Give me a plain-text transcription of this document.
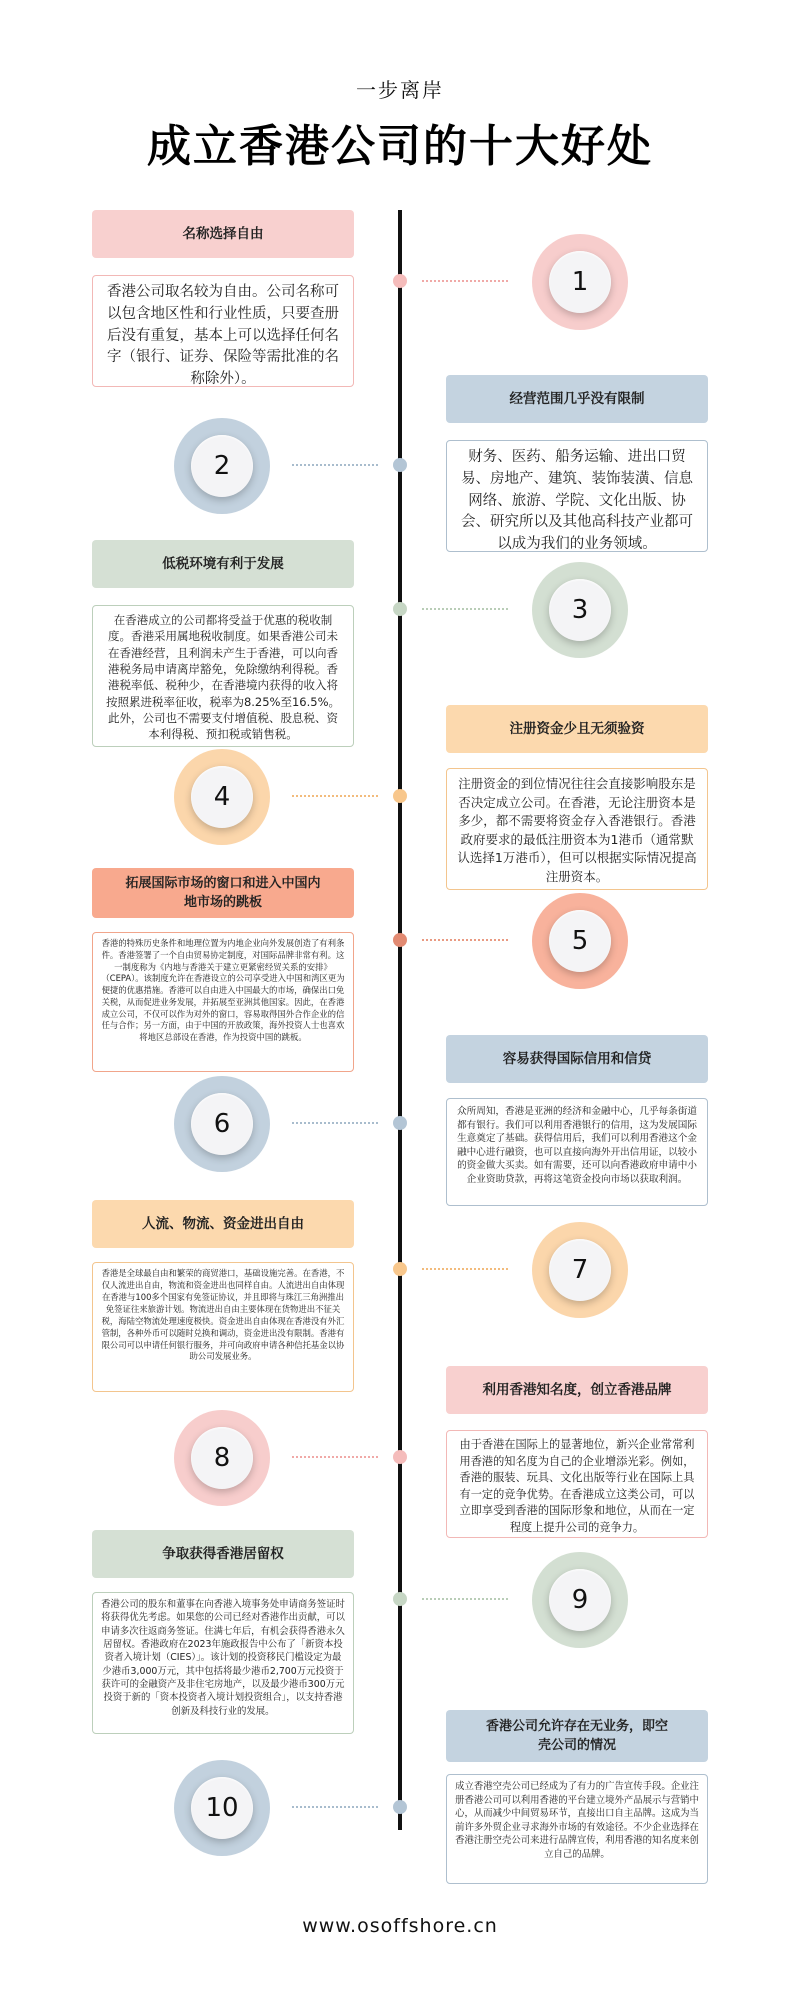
一步离岸
成立香港公司的十大好处
名称选择自由
香港公司取名较为自由。公司名称可以包含地区性和行业性质，只要查册后没有重复，基本上可以选择任何名字（银行、证券、保险等需批准的名称除外）。
1
经营范围几乎没有限制
财务、医药、船务运输、进出口贸易、房地产、建筑、装饰装潢、信息网络、旅游、学院、文化出版、协会、研究所以及其他高科技产业都可以成为我们的业务领域。
2
低税环境有利于发展
在香港成立的公司都将受益于优惠的税收制度。香港采用属地税收制度。如果香港公司未在香港经营，且利润未产生于香港，可以向香港税务局申请离岸豁免，免除缴纳利得税。香港税率低、税种少，在香港境内获得的收入将按照累进税率征收，税率为8.25%至16.5%。此外，公司也不需要支付增值税、股息税、资本利得税、预扣税或销售税。
3
注册资金少且无须验资
注册资金的到位情况往往会直接影响股东是否决定成立公司。在香港，无论注册资本是多少，都不需要将资金存入香港银行。香港政府要求的最低注册资本为1港币（通常默认选择1万港币），但可以根据实际情况提高注册资本。
4
拓展国际市场的窗口和进入中国内地市场的跳板
香港的特殊历史条件和地理位置为内地企业向外发展创造了有利条件。香港签署了一个自由贸易协定制度，对国际品牌非常有利。这一制度称为《内地与香港关于建立更紧密经贸关系的安排》（CEPA）。该制度允许在香港设立的公司享受进入中国和湾区更为便捷的优惠措施。香港可以自由进入中国最大的市场，确保出口免关税，从而促进业务发展，并拓展至亚洲其他国家。因此，在香港成立公司，不仅可以作为对外的窗口，容易取得国外合作企业的信任与合作；另一方面，由于中国的开放政策，海外投资人士也喜欢将地区总部设在香港，作为投资中国的跳板。
5
容易获得国际信用和信贷
众所周知，香港是亚洲的经济和金融中心，几乎每条街道都有银行。我们可以利用香港银行的信用，这为发展国际生意奠定了基础。获得信用后，我们可以利用香港这个金融中心进行融资，也可以直接向海外开出信用证，以较小的资金做大买卖。如有需要，还可以向香港政府申请中小企业资助贷款，再将这笔资金投向市场以获取利润。
6
人流、物流、资金进出自由
香港是全球最自由和繁荣的商贸港口，基础设施完善。在香港，不仅人流进出自由，物流和资金进出也同样自由。人流进出自由体现在香港与100多个国家有免签证协议，并且即将与珠江三角洲推出免签证往来旅游计划。物流进出自由主要体现在货物进出不征关税，海陆空物流处理速度极快。资金进出自由体现在香港没有外汇管制，各种外币可以随时兑换和调动，资金进出没有限制。香港有限公司可以申请任何银行服务，并可向政府申请各种信托基金以协助公司发展业务。
7
利用香港知名度，创立香港品牌
由于香港在国际上的显著地位，新兴企业常常利用香港的知名度为自己的企业增添光彩。例如，香港的服装、玩具、文化出版等行业在国际上具有一定的竞争优势。在香港成立这类公司，可以立即享受到香港的国际形象和地位，从而在一定程度上提升公司的竞争力。
8
争取获得香港居留权
香港公司的股东和董事在向香港入境事务处申请商务签证时将获得优先考虑。如果您的公司已经对香港作出贡献，可以申请多次往返商务签证。住满七年后，有机会获得香港永久居留权。香港政府在2023年施政报告中公布了「新资本投资者入境计划（CIES）」。该计划的投资移民门槛设定为最少港币3,000万元，其中包括将最少港币2,700万元投资于获许可的金融资产及非住宅房地产，以及最少港币300万元投资于新的「资本投资者入境计划投资组合」，以支持香港创新及科技行业的发展。
9
香港公司允许存在无业务，即空壳公司的情况
成立香港空壳公司已经成为了有力的广告宣传手段。企业注册香港公司可以利用香港的平台建立境外产品展示与营销中心，从而减少中间贸易环节，直接出口自主品牌。这成为当前许多外贸企业寻求海外市场的有效途径。不少企业选择在香港注册空壳公司来进行品牌宣传，利用香港的知名度来创立自己的品牌。
10
www.osoffshore.cn
